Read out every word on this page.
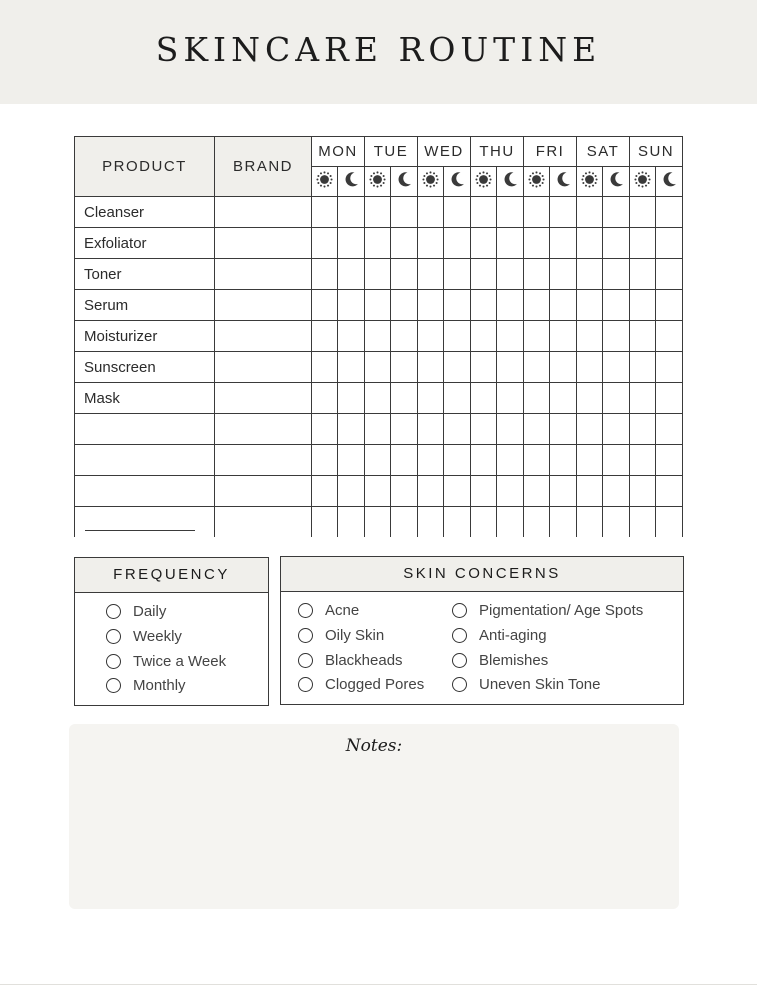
SKINCARE ROUTINE
PRODUCT	BRAND	MON		TUE		WED		THU		FRI		SAT		SUN	

Cleanser															
Exfoliator															
Toner															
Serum															
Moisturizer															
Sunscreen															
Mask															

FREQUENCY
Daily
Weekly
Twice a Week
Monthly
SKIN CONCERNS
Acne
Oily Skin
Blackheads
Clogged Pores
Pigmentation/ Age Spots
Anti-aging
Blemishes
Uneven Skin Tone
Notes:
